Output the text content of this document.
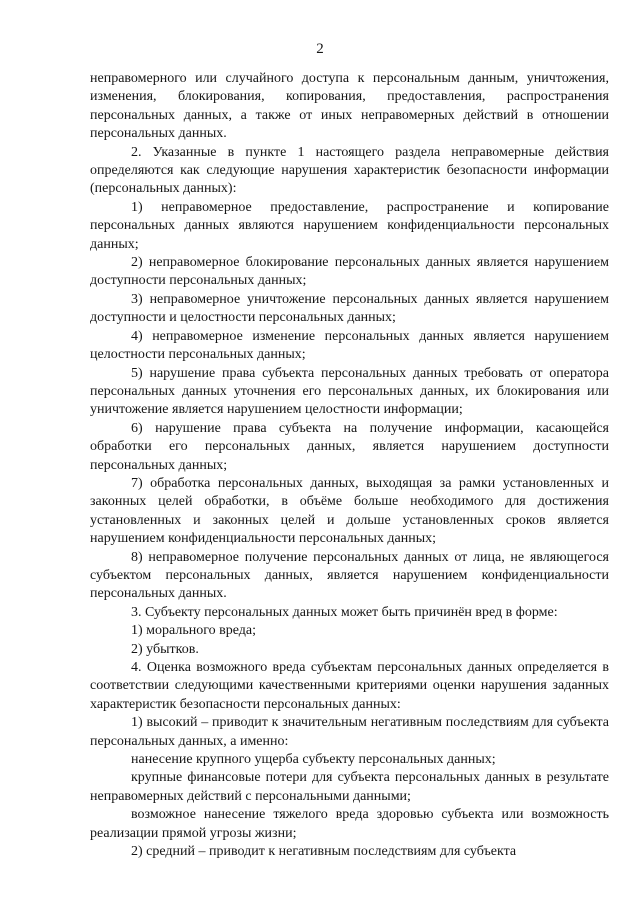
2

неправомерного или случайного доступа к персональным данным, уничтожения, изменения, блокирования, копирования, предоставления, распространения персональных данных, а также от иных неправомерных действий в отношении персональных данных.

2. Указанные в пункте 1 настоящего раздела неправомерные действия определяются как следующие нарушения характеристик безопасности информации (персональных данных):

1) неправомерное предоставление, распространение и копирование персональных данных являются нарушением конфиденциальности персональных данных;

2) неправомерное блокирование персональных данных является нарушением доступности персональных данных;

3) неправомерное уничтожение персональных данных является нарушением доступности и целостности персональных данных;

4) неправомерное изменение персональных данных является нарушением целостности персональных данных;

5) нарушение права субъекта персональных данных требовать от оператора персональных данных уточнения его персональных данных, их блокирования или уничтожение является нарушением целостности информации;

6) нарушение права субъекта на получение информации, касающейся обработки его персональных данных, является нарушением доступности персональных данных;

7) обработка персональных данных, выходящая за рамки установленных и законных целей обработки, в объёме больше необходимого для достижения установленных и законных целей и дольше установленных сроков является нарушением конфиденциальности персональных данных;

8) неправомерное получение персональных данных от лица, не являющегося субъектом персональных данных, является нарушением конфиденциальности персональных данных.

3. Субъекту персональных данных может быть причинён вред в форме:

1) морального вреда;

2) убытков.

4. Оценка возможного вреда субъектам персональных данных определяется в соответствии следующими качественными критериями оценки нарушения заданных характеристик безопасности персональных данных:

1) высокий – приводит к значительным негативным последствиям для субъекта персональных данных, а именно:

нанесение крупного ущерба субъекту персональных данных;

крупные финансовые потери для субъекта персональных данных в результате неправомерных действий с персональными данными;

возможное нанесение тяжелого вреда здоровью субъекта или возможность реализации прямой угрозы жизни;

2) средний – приводит к негативным последствиям для субъекта
